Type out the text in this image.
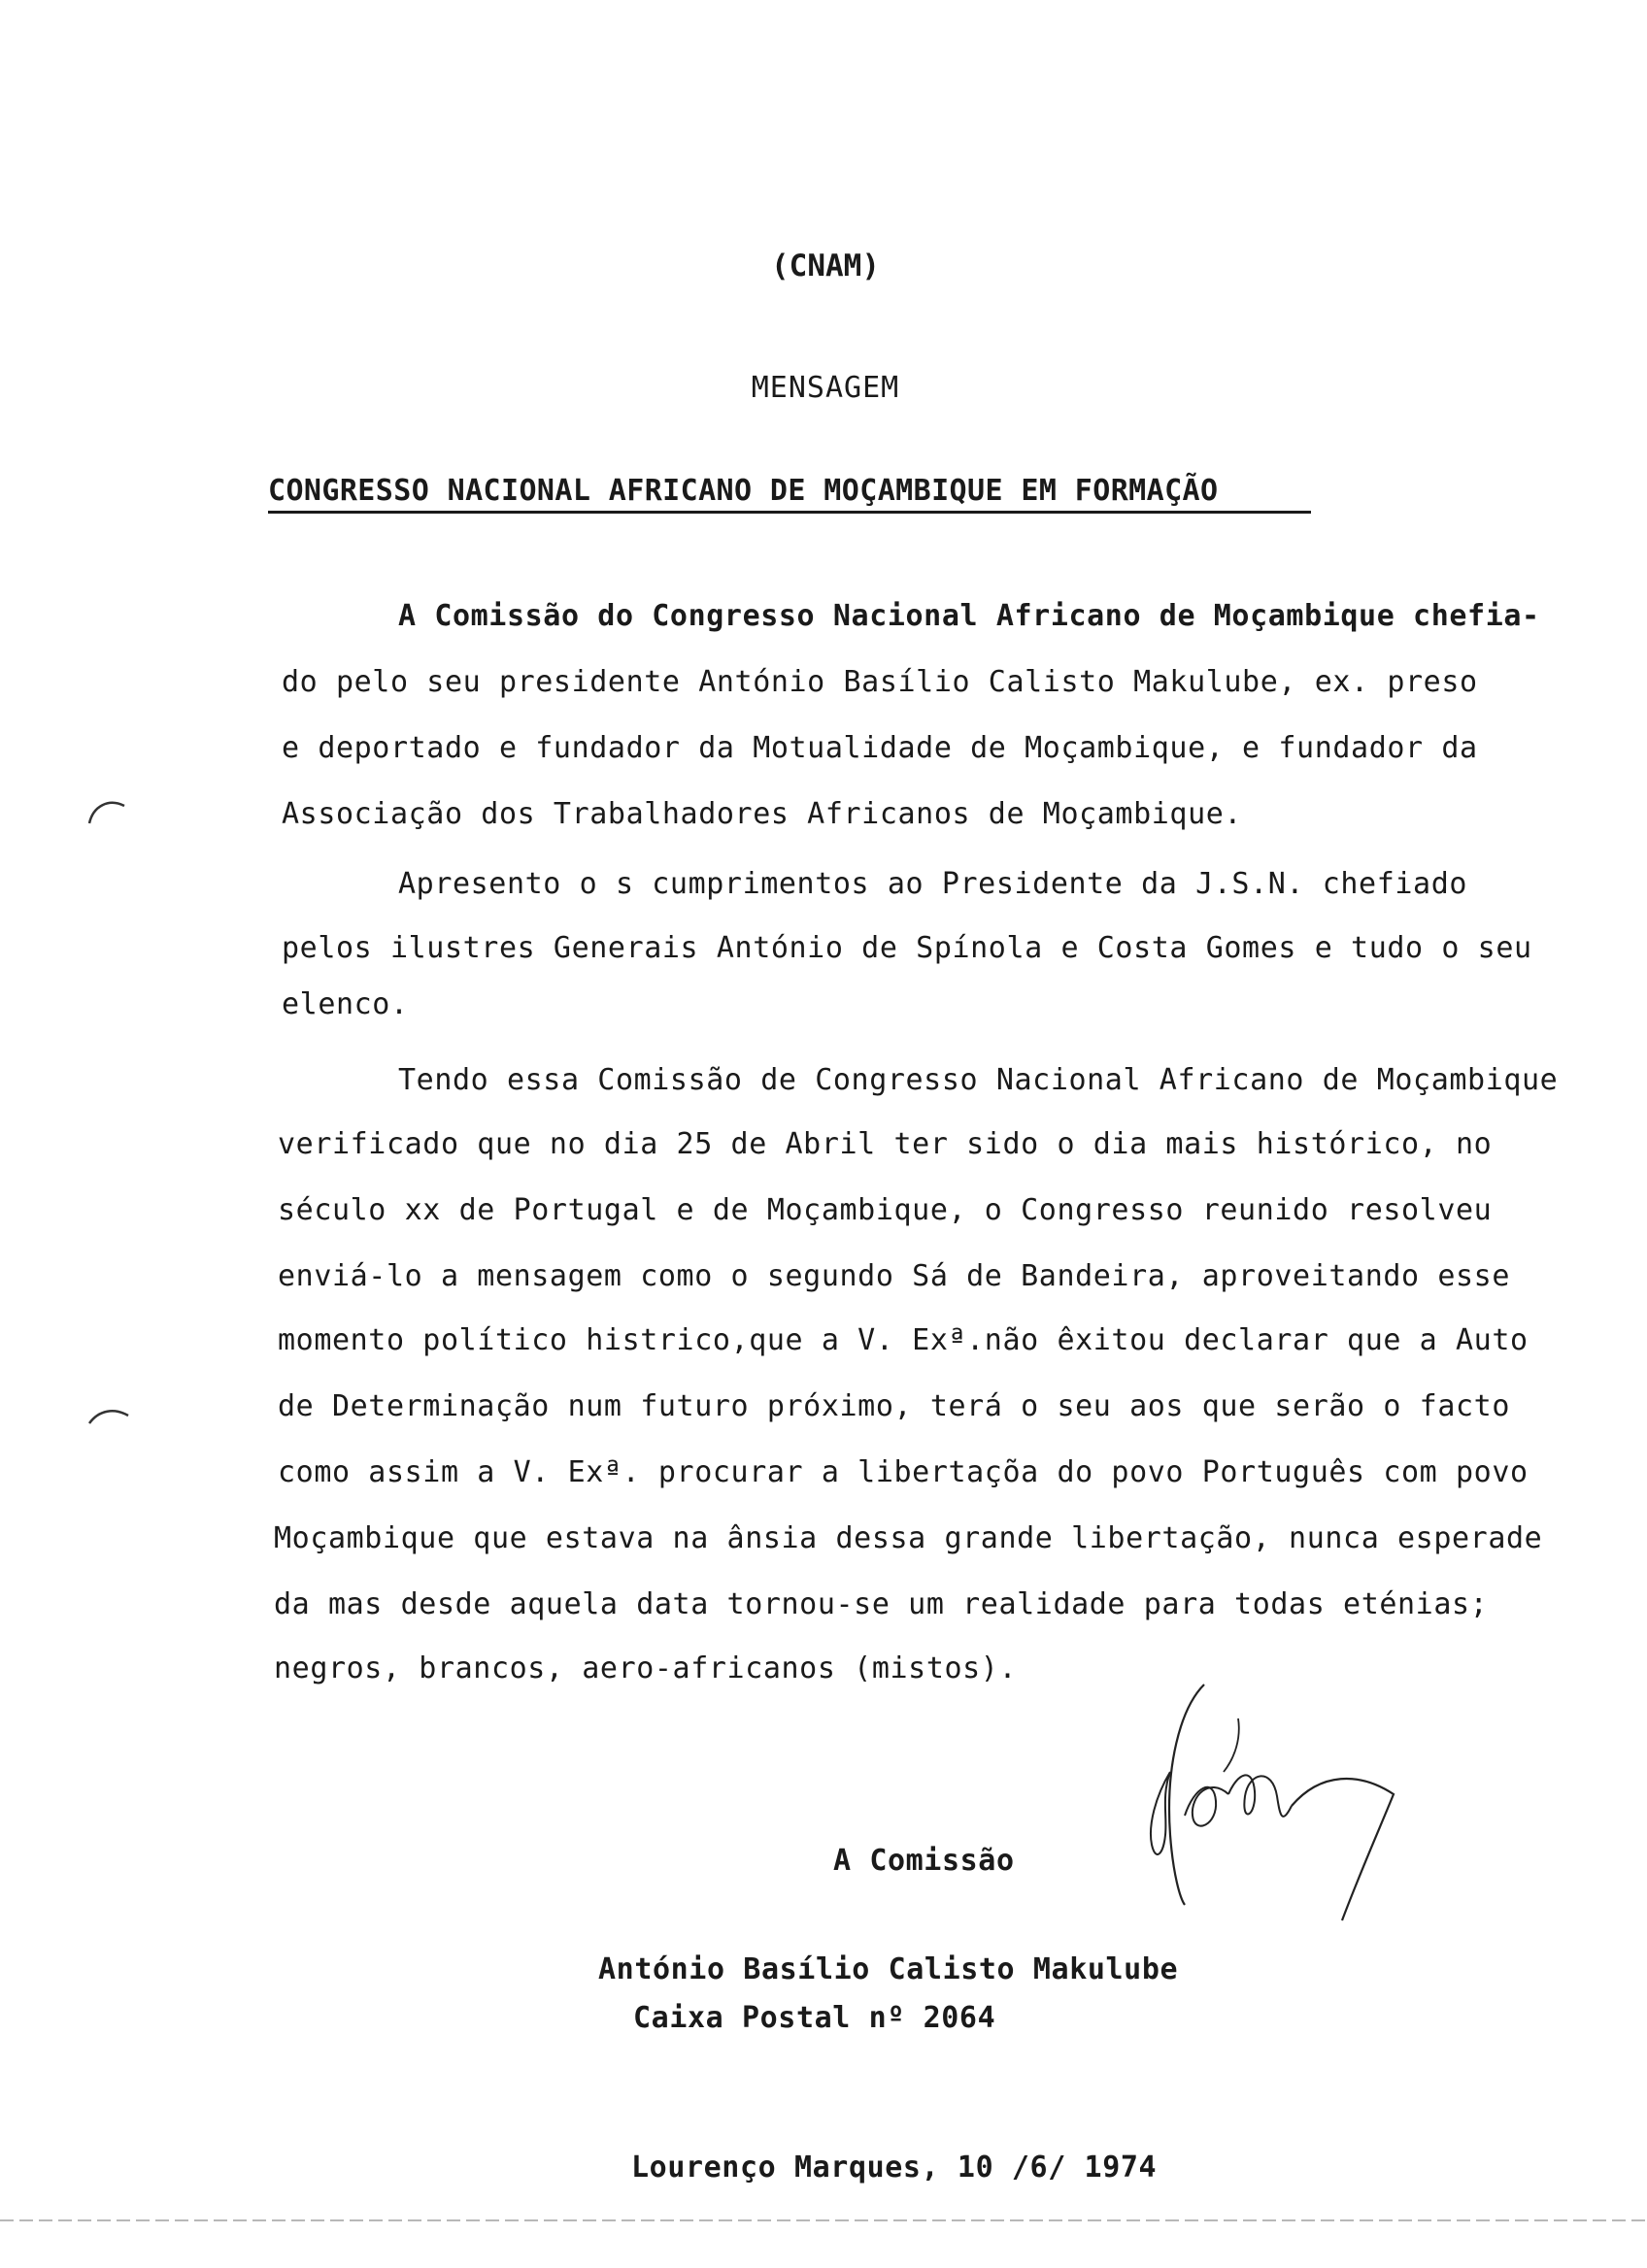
(CNAM)
MENSAGEM
CONGRESSO NACIONAL AFRICANO DE MOÇAMBIQUE EM FORMAÇÃO
A Comissão do Congresso Nacional Africano de Moçambique chefia-
do pelo seu presidente António Basílio Calisto Makulube, ex. preso
e deportado e fundador da Motualidade de Moçambique, e fundador da
Associação dos Trabalhadores Africanos de Moçambique.
Apresento o s cumprimentos ao Presidente da J.S.N. chefiado
pelos ilustres Generais António de Spínola e Costa Gomes e tudo o seu
elenco.
Tendo essa Comissão de Congresso Nacional Africano de Moçambique
verificado que no dia 25 de Abril ter sido o dia mais histórico, no
século xx de Portugal e de Moçambique, o Congresso reunido resolveu
enviá-lo a mensagem como o segundo Sá de Bandeira, aproveitando esse
momento político histrico,que a V. Exª.não êxitou declarar que a Auto
de Determinação num futuro próximo, terá o seu aos que serão o facto
como assim a V. Exª. procurar a libertaçõa do povo Português com povo
Moçambique que estava na ânsia dessa grande libertação, nunca esperade
da mas desde aquela data tornou-se um realidade para todas eténias;
negros, brancos, aero-africanos (mistos).
A Comissão
António Basílio Calisto Makulube
Caixa Postal nº 2064
Lourenço Marques, 10 /6/ 1974
